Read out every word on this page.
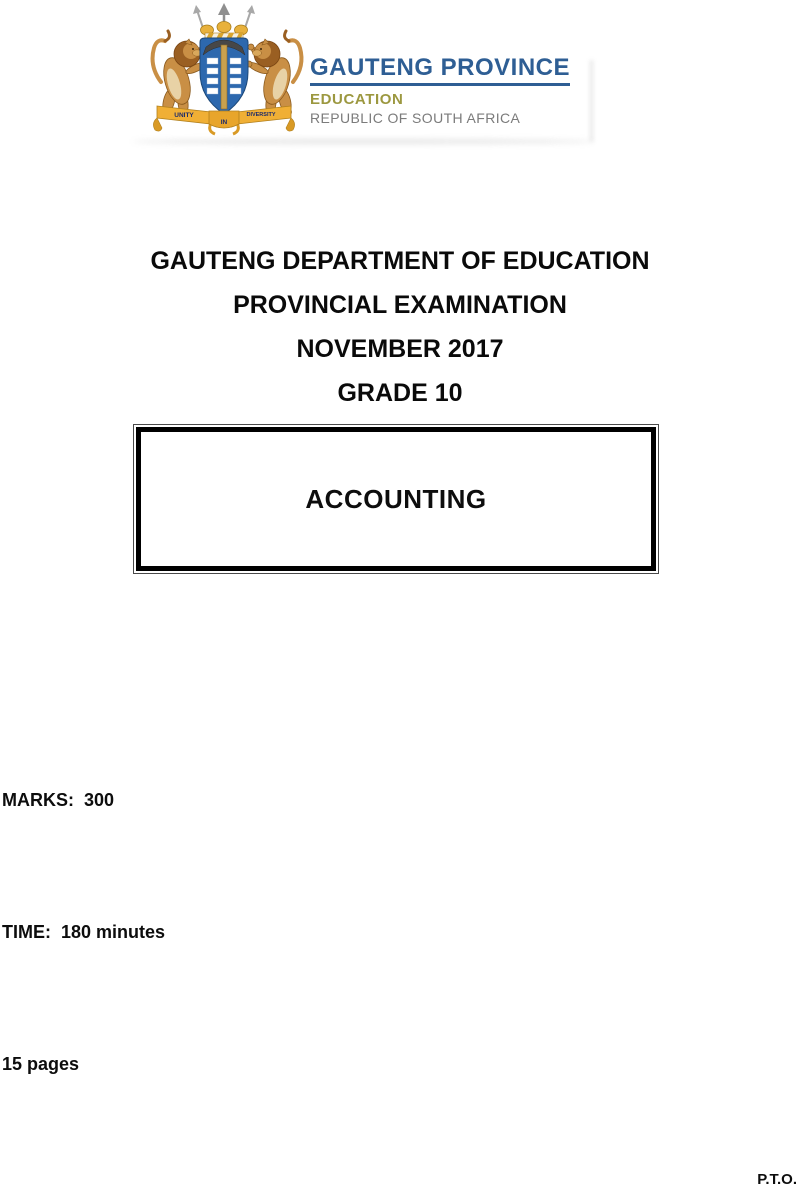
UNITY	DIVERSITY
IN
GAUTENG PROVINCE
EDUCATION
REPUBLIC OF SOUTH AFRICA
GAUTENG DEPARTMENT OF EDUCATION
PROVINCIAL EXAMINATION
NOVEMBER 2017
GRADE 10
ACCOUNTING

MARKS:  300

TIME:  180 minutes

15 pages

P.T.O.
